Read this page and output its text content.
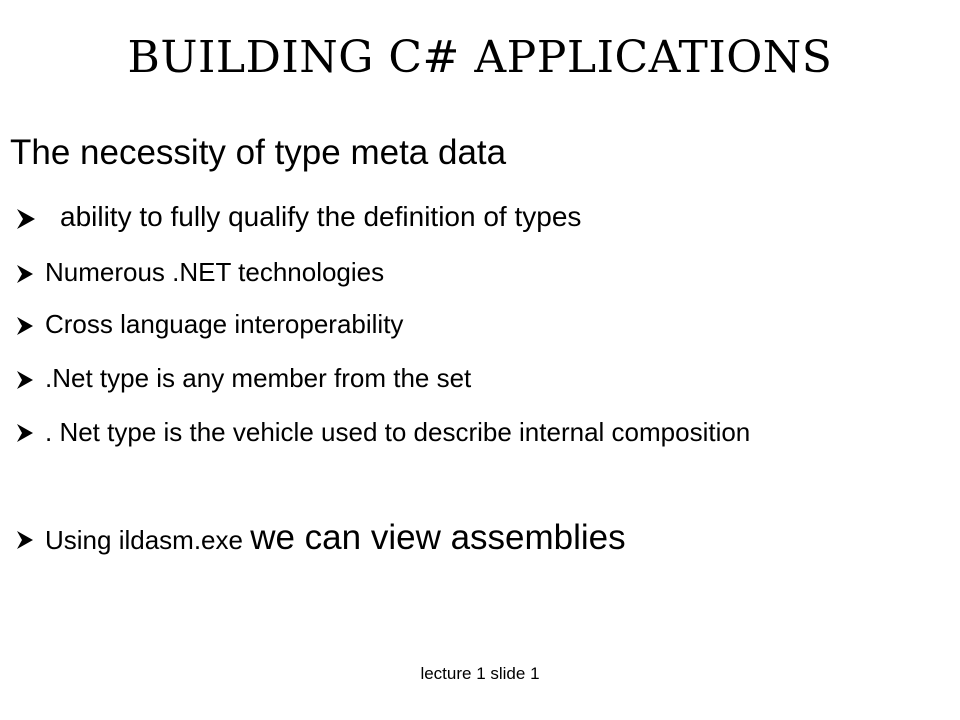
BUILDING C# APPLICATIONS
The necessity of type meta data
ability to fully qualify the definition of types
Numerous .NET technologies
Cross language interoperability
.Net type is any member from the set
. Net type is the vehicle used to describe internal composition
Using ildasm.exe we can view assemblies
lecture 1 slide 1
